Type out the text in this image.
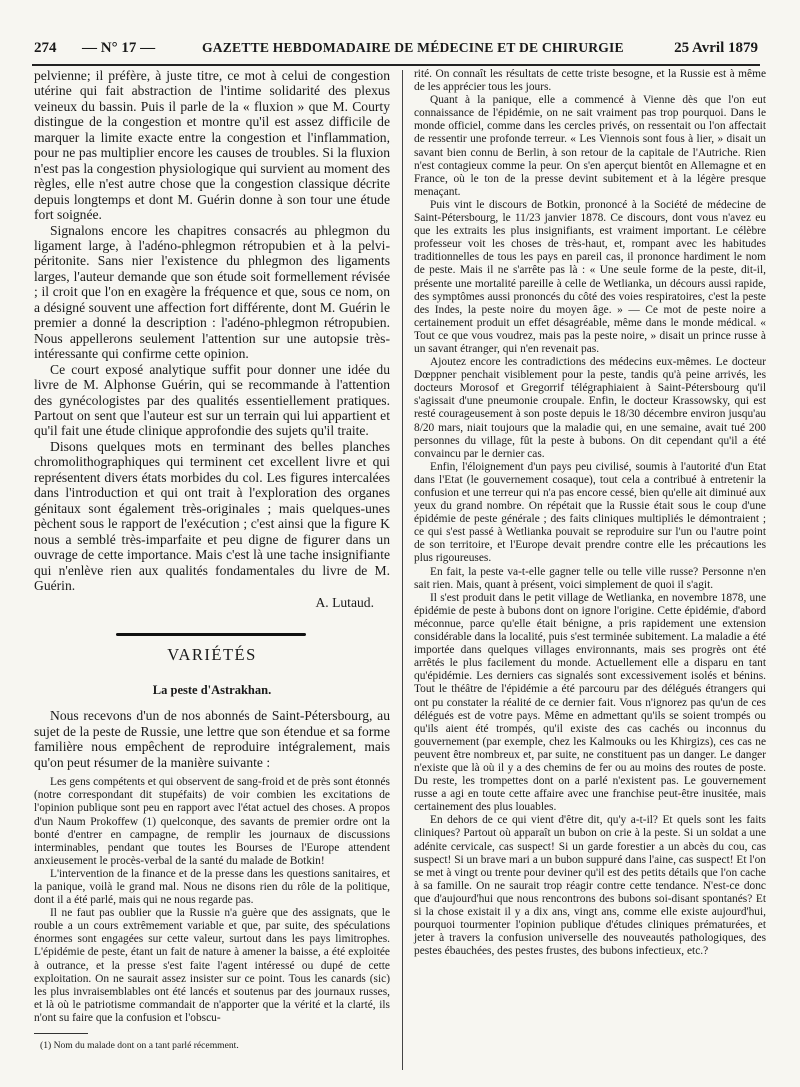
274 — N° 17 —	GAZETTE HEBDOMADAIRE DE MÉDECINE ET DE CHIRURGIE	25 Avril 1879

pelvienne; il préfère, à juste titre, ce mot à celui de congestion utérine qui fait abstraction de l'intime solidarité des plexus veineux du bassin. Puis il parle de la « fluxion » que M. Courty distingue de la congestion et montre qu'il est assez difficile de marquer la limite exacte entre la congestion et l'inflammation, pour ne pas multiplier encore les causes de troubles. Si la fluxion n'est pas la congestion physiologique qui survient au moment des règles, elle n'est autre chose que la congestion classique décrite depuis longtemps et dont M. Guérin donne à son tour une étude fort soignée.

Signalons encore les chapitres consacrés au phlegmon du ligament large, à l'adéno-phlegmon rétropubien et à la pelvi-péritonite. Sans nier l'existence du phlegmon des ligaments larges, l'auteur demande que son étude soit formellement révisée ; il croit que l'on en exagère la fréquence et que, sous ce nom, on a désigné souvent une affection fort différente, dont M. Guérin le premier a donné la description : l'adéno-phlegmon rétropubien. Nous appellerons seulement l'attention sur une autopsie très-intéressante qui confirme cette opinion.

Ce court exposé analytique suffit pour donner une idée du livre de M. Alphonse Guérin, qui se recommande à l'attention des gynécologistes par des qualités essentiellement pratiques. Partout on sent que l'auteur est sur un terrain qui lui appartient et qu'il fait une étude clinique approfondie des sujets qu'il traite.

Disons quelques mots en terminant des belles planches chromolithographiques qui terminent cet excellent livre et qui représentent divers états morbides du col. Les figures intercalées dans l'introduction et qui ont trait à l'exploration des organes génitaux sont également très-originales ; mais quelques-unes pèchent sous le rapport de l'exécution ; c'est ainsi que la figure K nous a semblé très-imparfaite et peu digne de figurer dans un ouvrage de cette importance. Mais c'est là une tache insignifiante qui n'enlève rien aux qualités fondamentales du livre de M. Guérin.

A. Lutaud.
VARIÉTÉS
La peste d'Astrakhan.

Nous recevons d'un de nos abonnés de Saint-Pétersbourg, au sujet de la peste de Russie, une lettre que son étendue et sa forme familière nous empêchent de reproduire intégralement, mais qu'on peut résumer de la manière suivante :

Les gens compétents et qui observent de sang-froid et de près sont étonnés (notre correspondant dit stupéfaits) de voir combien les excitations de l'opinion publique sont peu en rapport avec l'état actuel des choses. A propos d'un Naum Prokoffew (1) quelconque, des savants de premier ordre ont la bonté d'entrer en campagne, de remplir les journaux de discussions interminables, pendant que toutes les Bourses de l'Europe attendent anxieusement le procès-verbal de la santé du malade de Botkin!

L'intervention de la finance et de la presse dans les questions sanitaires, et la panique, voilà le grand mal. Nous ne disons rien du rôle de la politique, dont il a été parlé, mais qui ne nous regarde pas.

Il ne faut pas oublier que la Russie n'a guère que des assignats, que le rouble a un cours extrêmement variable et que, par suite, des spéculations énormes sont engagées sur cette valeur, surtout dans les pays limitrophes. L'épidémie de peste, étant un fait de nature à amener la baisse, a été exploitée à outrance, et la presse s'est faite l'agent intéressé ou dupé de cette exploitation. On ne saurait assez insister sur ce point. Tous les canards (sic) les plus invraisemblables ont été lancés et soutenus par des journaux russes, et là où le patriotisme commandait de n'apporter que la vérité et la clarté, ils n'ont su faire que la confusion et l'obscu-

(1) Nom du malade dont on a tant parlé récemment.

rité. On connaît les résultats de cette triste besogne, et la Russie est à même de les apprécier tous les jours.

Quant à la panique, elle a commencé à Vienne dès que l'on eut connaissance de l'épidémie, on ne sait vraiment pas trop pourquoi. Dans le monde officiel, comme dans les cercles privés, on ressentait ou l'on affectait de ressentir une profonde terreur. « Les Viennois sont fous à lier, » disait un savant bien connu de Berlin, à son retour de la capitale de l'Autriche. Rien n'est contagieux comme la peur. On s'en aperçut bientôt en Allemagne et en France, où le ton de la presse devint subitement et à la légère presque menaçant.

Puis vint le discours de Botkin, prononcé à la Société de médecine de Saint-Pétersbourg, le 11/23 janvier 1878. Ce discours, dont vous n'avez eu que les extraits les plus insignifiants, est vraiment important. Le célèbre professeur voit les choses de très-haut, et, rompant avec les habitudes traditionnelles de tous les pays en pareil cas, il prononce hardiment le nom de peste. Mais il ne s'arrête pas là : « Une seule forme de la peste, dit-il, présente une mortalité pareille à celle de Wetlianka, un décours aussi rapide, des symptômes aussi prononcés du côté des voies respiratoires, c'est la peste des Indes, la peste noire du moyen âge. » — Ce mot de peste noire a certainement produit un effet désagréable, même dans le monde médical. « Tout ce que vous voudrez, mais pas la peste noire, » disait un prince russe à un savant étranger, qui n'en revenait pas.

Ajoutez encore les contradictions des médecins eux-mêmes. Le docteur Dœppner penchait visiblement pour la peste, tandis qu'à peine arrivés, les docteurs Morosof et Gregorrif télégraphiaient à Saint-Pétersbourg qu'il s'agissait d'une pneumonie croupale. Enfin, le docteur Krassowsky, qui est resté courageusement à son poste depuis le 18/30 décembre environ jusqu'au 8/20 mars, niait toujours que la maladie qui, en une semaine, avait tué 200 personnes du village, fût la peste à bubons. On dit cependant qu'il a été convaincu par le dernier cas.

Enfin, l'éloignement d'un pays peu civilisé, soumis à l'autorité d'un Etat dans l'Etat (le gouvernement cosaque), tout cela a contribué à entretenir la confusion et une terreur qui n'a pas encore cessé, bien qu'elle ait diminué aux yeux du grand nombre. On répétait que la Russie était sous le coup d'une épidémie de peste générale ; des faits cliniques multipliés le démontraient ; ce qui s'est passé à Wetlianka pouvait se reproduire sur l'un ou l'autre point de son territoire, et l'Europe devait prendre contre elle les précautions les plus rigoureuses.

En fait, la peste va-t-elle gagner telle ou telle ville russe? Personne n'en sait rien. Mais, quant à présent, voici simplement de quoi il s'agit.

Il s'est produit dans le petit village de Wetlianka, en novembre 1878, une épidémie de peste à bubons dont on ignore l'origine. Cette épidémie, d'abord méconnue, parce qu'elle était bénigne, a pris rapidement une extension considérable dans la localité, puis s'est terminée subitement. La maladie a été importée dans quelques villages environnants, mais ses progrès ont été arrêtés le plus facilement du monde. Actuellement elle a disparu en tant qu'épidémie. Les derniers cas signalés sont excessivement isolés et bénins. Tout le théâtre de l'épidémie a été parcouru par des délégués étrangers qui ont pu constater la réalité de ce dernier fait. Vous n'ignorez pas qu'un de ces délégués est de votre pays. Même en admettant qu'ils se soient trompés ou qu'ils aient été trompés, qu'il existe des cas cachés ou inconnus du gouvernement (par exemple, chez les Kalmouks ou les Khirgizs), ces cas ne peuvent être nombreux et, par suite, ne constituent pas un danger. Le danger n'existe que là où il y a des chemins de fer ou au moins des routes de poste. Du reste, les trompettes dont on a parlé n'existent pas. Le gouvernement russe a agi en toute cette affaire avec une franchise peut-être inusitée, mais certainement des plus louables.

En dehors de ce qui vient d'être dit, qu'y a-t-il? Et quels sont les faits cliniques? Partout où apparaît un bubon on crie à la peste. Si un soldat a une adénite cervicale, cas suspect! Si un garde forestier a un abcès du cou, cas suspect! Si un brave mari a un bubon suppuré dans l'aine, cas suspect! Et l'on se met à vingt ou trente pour deviner qu'il est des petits détails que l'on cache à sa famille. On ne saurait trop réagir contre cette tendance. N'est-ce donc que d'aujourd'hui que nous rencontrons des bubons soi-disant spontanés? Et si la chose existait il y a dix ans, vingt ans, comme elle existe aujourd'hui, pourquoi tourmenter l'opinion publique d'études cliniques prématurées, et jeter à travers la confusion universelle des nouveautés pathologiques, des pestes ébauchées, des pestes frustes, des bubons infectieux, etc.?
